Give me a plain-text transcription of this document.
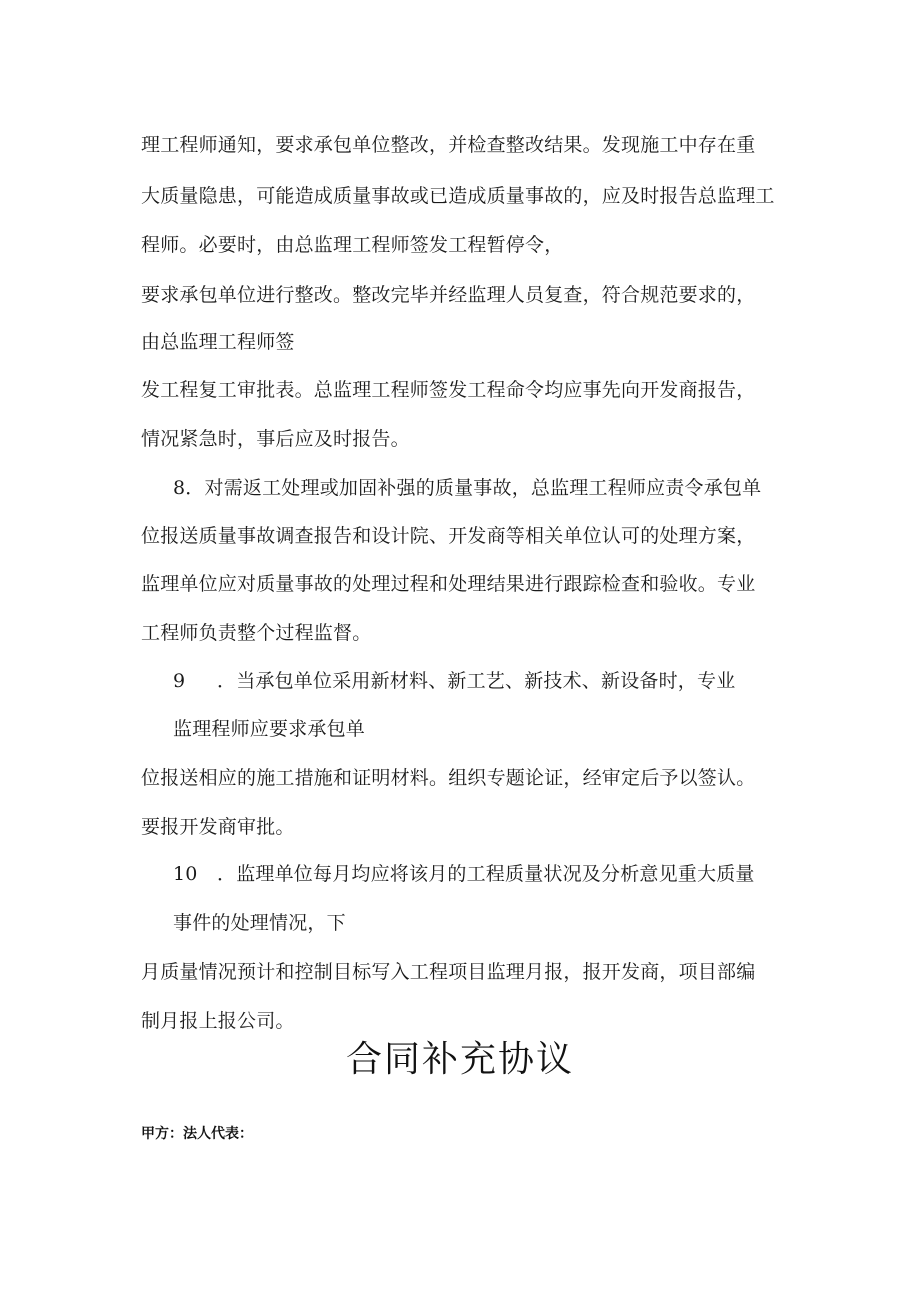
理工程师通知，要求承包单位整改，并检查整改结果。发现施工中存在重
大质量隐患，可能造成质量事故或已造成质量事故的，应及时报告总监理工
程师。必要时，由总监理工程师签发工程暂停令，
要求承包单位进行整改。整改完毕并经监理人员复查，符合规范要求的，
由总监理工程师签
发工程复工审批表。总监理工程师签发工程命令均应事先向开发商报告，
情况紧急时，事后应及时报告。
8．对需返工处理或加固补强的质量事故，总监理工程师应责令承包单
位报送质量事故调查报告和设计院、开发商等相关单位认可的处理方案，
监理单位应对质量事故的处理过程和处理结果进行跟踪检查和验收。专业
工程师负责整个过程监督。
9 ．当承包单位采用新材料、新工艺、新技术、新设备时，专业
监理程师应要求承包单
位报送相应的施工措施和证明材料。组织专题论证，经审定后予以签认。
要报开发商审批。
10 ．监理单位每月均应将该月的工程质量状况及分析意见重大质量
事件的处理情况，下
月质量情况预计和控制目标写入工程项目监理月报，报开发商，项目部编
制月报上报公司。
合同补充协议
甲方：法人代表：
